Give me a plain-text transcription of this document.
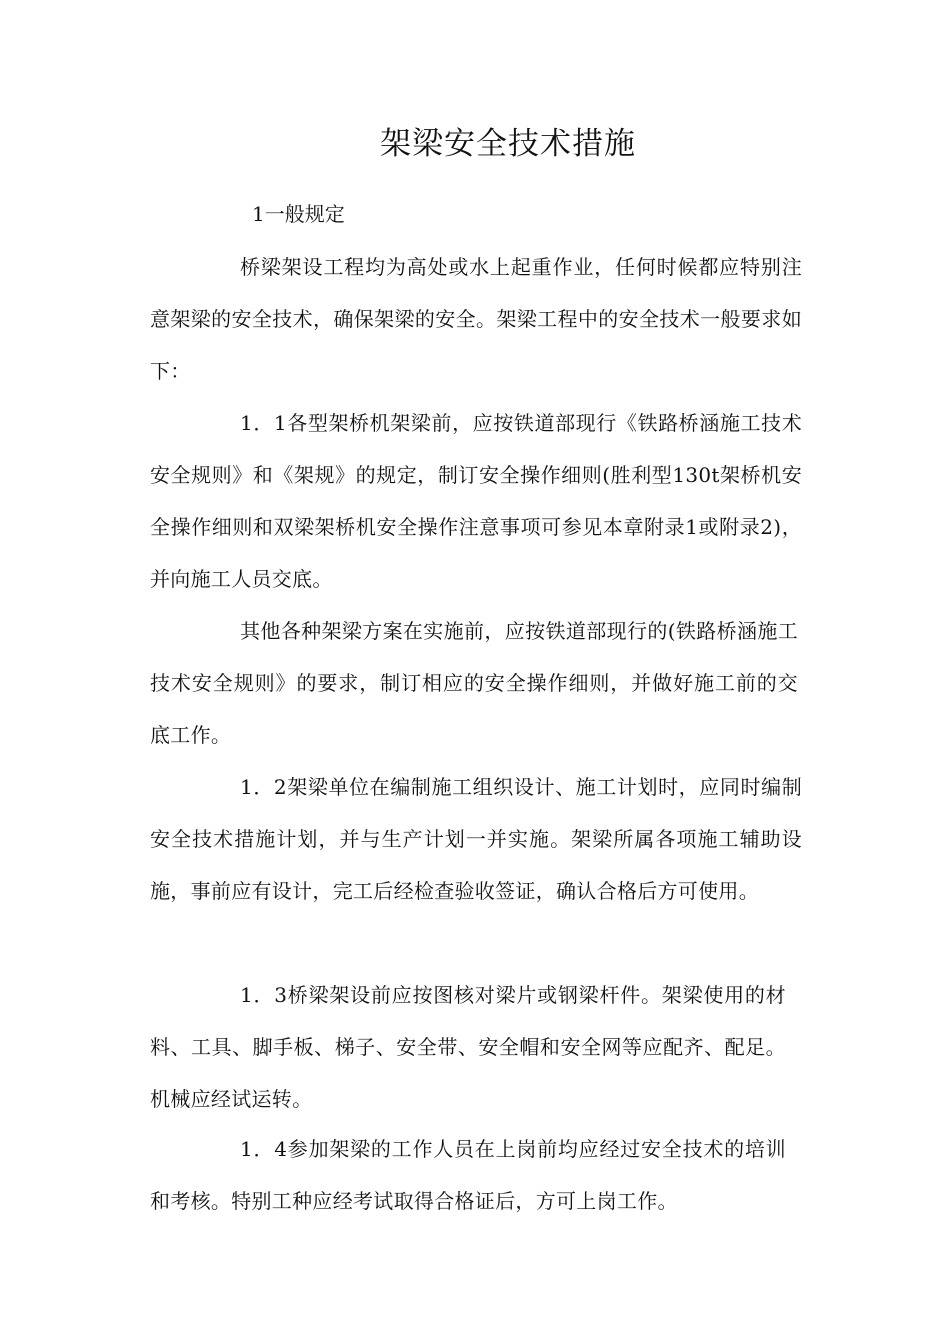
架梁安全技术措施

1一般规定

桥梁架设工程均为高处或水上起重作业，任何时候都应特别注意架梁的安全技术，确保架梁的安全。架梁工程中的安全技术一般要求如下：

1．1各型架桥机架梁前，应按铁道部现行《铁路桥涵施工技术安全规则》和《架规》的规定，制订安全操作细则(胜利型130t架桥机安全操作细则和双梁架桥机安全操作注意事项可参见本章附录1或附录2)，并向施工人员交底。

其他各种架梁方案在实施前，应按铁道部现行的(铁路桥涵施工技术安全规则》的要求，制订相应的安全操作细则，并做好施工前的交底工作。

1．2架梁单位在编制施工组织设计、施工计划时，应同时编制安全技术措施计划，并与生产计划一并实施。架梁所属各项施工辅助设施，事前应有设计，完工后经检查验收签证，确认合格后方可使用。

1．3桥梁架设前应按图核对梁片或钢梁杆件。架梁使用的材料、工具、脚手板、梯子、安全带、安全帽和安全网等应配齐、配足。机械应经试运转。

1．4参加架梁的工作人员在上岗前均应经过安全技术的培训和考核。特别工种应经考试取得合格证后，方可上岗工作。
